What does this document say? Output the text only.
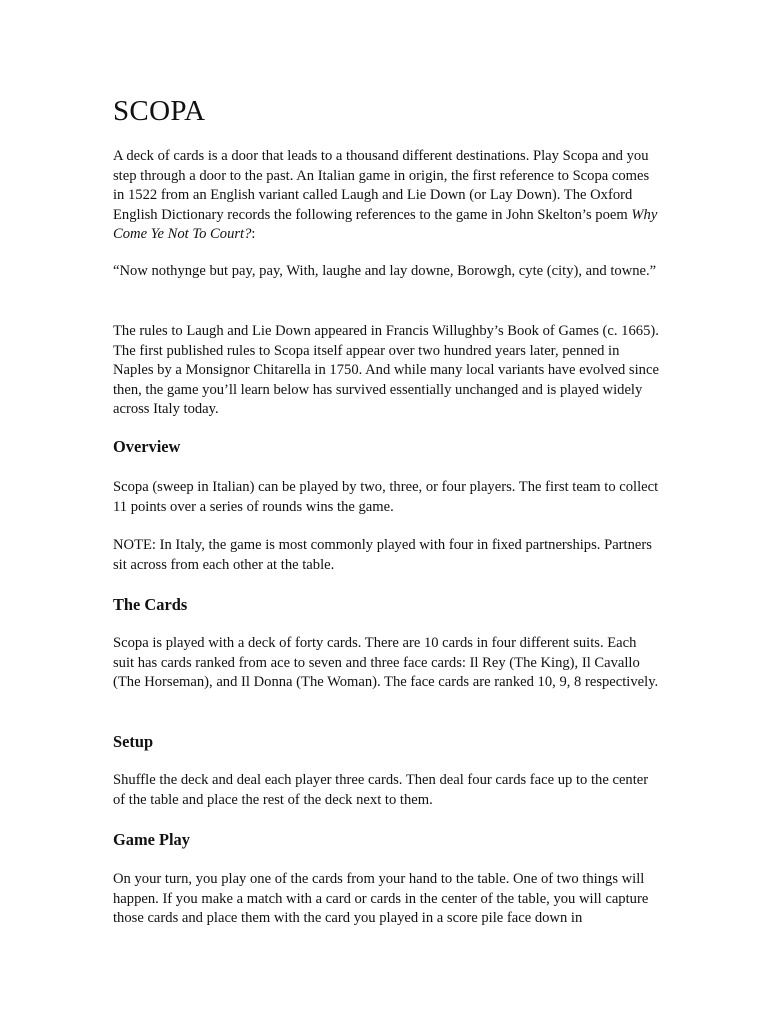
SCOPA

A deck of cards is a door that leads to a thousand different destinations. Play Scopa and you step through a door to the past. An Italian game in origin, the first reference to Scopa comes in 1522 from an English variant called Laugh and Lie Down (or Lay Down). The Oxford English Dictionary records the following references to the game in John Skelton’s poem Why Come Ye Not To Court?:

“Now nothynge but pay, pay, With, laughe and lay downe, Borowgh, cyte (city), and towne.”

The rules to Laugh and Lie Down appeared in Francis Willughby’s Book of Games (c. 1665). The first published rules to Scopa itself appear over two hundred years later, penned in Naples by a Monsignor Chitarella in 1750. And while many local variants have evolved since then, the game you’ll learn below has survived essentially unchanged and is played widely across Italy today.

Overview

Scopa (sweep in Italian) can be played by two, three, or four players. The first team to collect 11 points over a series of rounds wins the game.

NOTE: In Italy, the game is most commonly played with four in fixed partnerships. Partners sit across from each other at the table.

The Cards

Scopa is played with a deck of forty cards. There are 10 cards in four different suits. Each suit has cards ranked from ace to seven and three face cards: Il Rey (The King), Il Cavallo (The Horseman), and Il Donna (The Woman). The face cards are ranked 10, 9, 8 respectively.

Setup

Shuffle the deck and deal each player three cards. Then deal four cards face up to the center of the table and place the rest of the deck next to them.

Game Play

On your turn, you play one of the cards from your hand to the table. One of two things will happen. If you make a match with a card or cards in the center of the table, you will capture those cards and place them with the card you played in a score pile face down in
